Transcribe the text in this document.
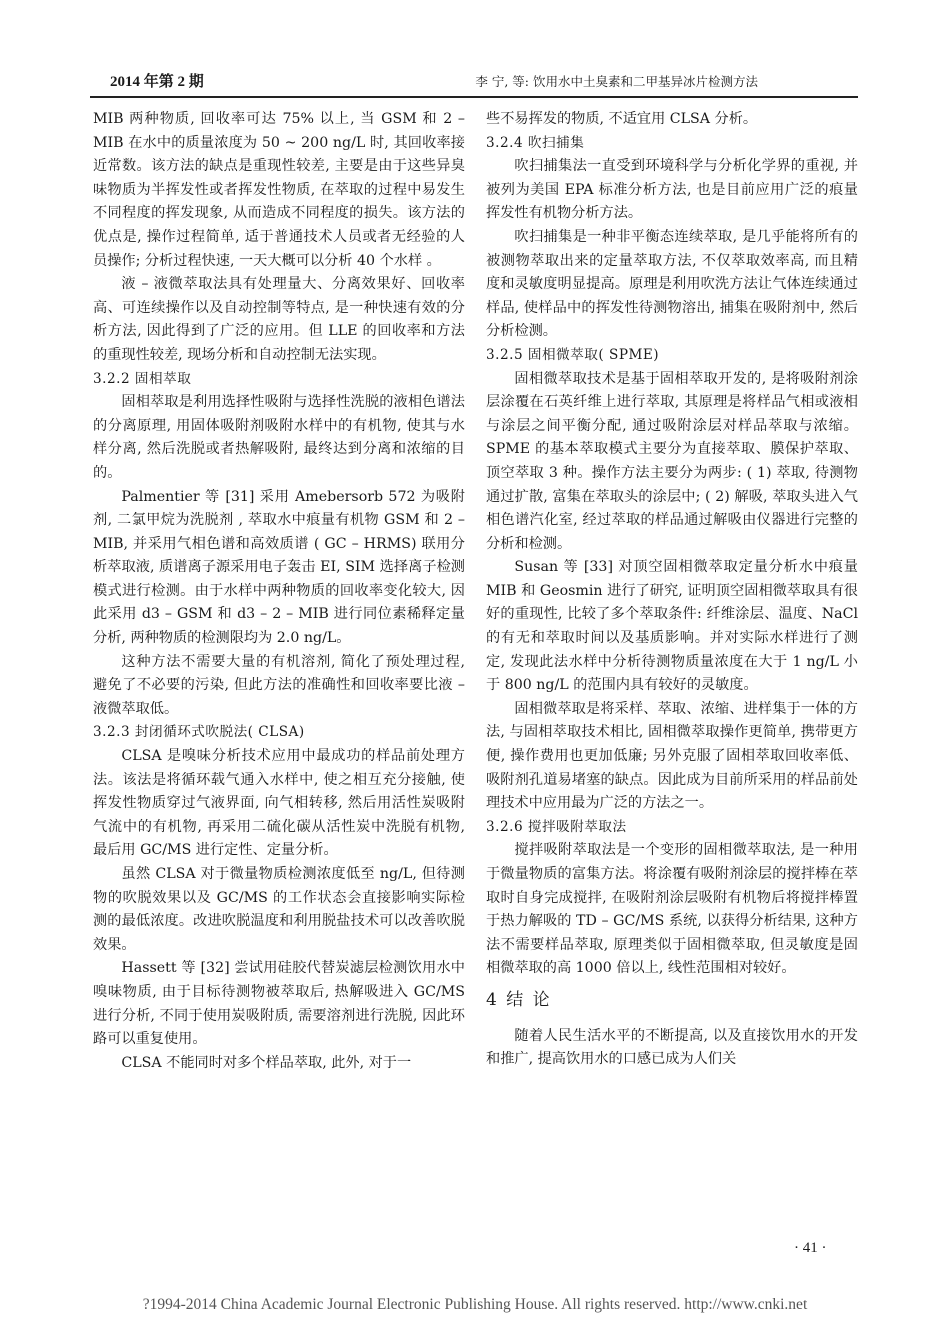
2014 年第 2 期	李 宁, 等: 饮用水中土臭素和二甲基异冰片检测方法

MIB 两种物质, 回收率可达 75% 以上, 当 GSM 和 2 – MIB 在水中的质量浓度为 50 ~ 200 ng/L 时, 其回收率接近常数。该方法的缺点是重现性较差, 主要是由于这些异臭味物质为半挥发性或者挥发性物质, 在萃取的过程中易发生不同程度的挥发现象, 从而造成不同程度的损失。该方法的优点是, 操作过程简单, 适于普通技术人员或者无经验的人员操作; 分析过程快速, 一天大概可以分析 40 个水样 。

液 – 液微萃取法具有处理量大、分离效果好、回收率高、可连续操作以及自动控制等特点, 是一种快速有效的分析方法, 因此得到了广泛的应用。但 LLE 的回收率和方法的重现性较差, 现场分析和自动控制无法实现。

3.2.2 固相萃取

固相萃取是利用选择性吸附与选择性洗脱的液相色谱法的分离原理, 用固体吸附剂吸附水样中的有机物, 使其与水样分离, 然后洗脱或者热解吸附, 最终达到分离和浓缩的目的。

Palmentier 等 [31] 采用 Amebersorb 572 为吸附剂, 二氯甲烷为洗脱剂 , 萃取水中痕量有机物 GSM 和 2 – MIB, 并采用气相色谱和高效质谱 ( GC – HRMS) 联用分析萃取液, 质谱离子源采用电子轰击 EI, SIM 选择离子检测模式进行检测。由于水样中两种物质的回收率变化较大, 因此采用 d3 – GSM 和 d3 – 2 – MIB 进行同位素稀释定量分析, 两种物质的检测限均为 2.0 ng/L。

这种方法不需要大量的有机溶剂, 简化了预处理过程, 避免了不必要的污染, 但此方法的准确性和回收率要比液 – 液微萃取低。

3.2.3 封闭循环式吹脱法( CLSA)

CLSA 是嗅味分析技术应用中最成功的样品前处理方法。该法是将循环载气通入水样中, 使之相互充分接触, 使挥发性物质穿过气液界面, 向气相转移, 然后用活性炭吸附气流中的有机物, 再采用二硫化碳从活性炭中洗脱有机物, 最后用 GC/MS 进行定性、定量分析。

虽然 CLSA 对于微量物质检测浓度低至 ng/L, 但待测物的吹脱效果以及 GC/MS 的工作状态会直接影响实际检测的最低浓度。改进吹脱温度和利用脱盐技术可以改善吹脱效果。

Hassett 等 [32] 尝试用硅胶代替炭滤层检测饮用水中嗅味物质, 由于目标待测物被萃取后, 热解吸进入 GC/MS 进行分析, 不同于使用炭吸附质, 需要溶剂进行洗脱, 因此环路可以重复使用。

CLSA 不能同时对多个样品萃取, 此外, 对于一

些不易挥发的物质, 不适宜用 CLSA 分析。

3.2.4 吹扫捕集

吹扫捕集法一直受到环境科学与分析化学界的重视, 并被列为美国 EPA 标准分析方法, 也是目前应用广泛的痕量挥发性有机物分析方法。

吹扫捕集是一种非平衡态连续萃取, 是几乎能将所有的被测物萃取出来的定量萃取方法, 不仅萃取效率高, 而且精度和灵敏度明显提高。原理是利用吹洗方法让气体连续通过样品, 使样品中的挥发性待测物溶出, 捕集在吸附剂中, 然后分析检测。

3.2.5 固相微萃取( SPME)

固相微萃取技术是基于固相萃取开发的, 是将吸附剂涂层涂覆在石英纤维上进行萃取, 其原理是将样品气相或液相与涂层之间平衡分配, 通过吸附涂层对样品萃取与浓缩。SPME 的基本萃取模式主要分为直接萃取、膜保护萃取、顶空萃取 3 种。操作方法主要分为两步: ( 1) 萃取, 待测物通过扩散, 富集在萃取头的涂层中; ( 2) 解吸, 萃取头进入气相色谱汽化室, 经过萃取的样品通过解吸由仪器进行完整的分析和检测。

Susan 等 [33] 对顶空固相微萃取定量分析水中痕量 MIB 和 Geosmin 进行了研究, 证明顶空固相微萃取具有很好的重现性, 比较了多个萃取条件: 纤维涂层、温度、NaCl 的有无和萃取时间以及基质影响。并对实际水样进行了测定, 发现此法水样中分析待测物质量浓度在大于 1 ng/L 小于 800 ng/L 的范围内具有较好的灵敏度。

固相微萃取是将采样、萃取、浓缩、进样集于一体的方法, 与固相萃取技术相比, 固相微萃取操作更简单, 携带更方便, 操作费用也更加低廉; 另外克服了固相萃取回收率低、吸附剂孔道易堵塞的缺点。因此成为目前所采用的样品前处理技术中应用最为广泛的方法之一。

3.2.6 搅拌吸附萃取法

搅拌吸附萃取法是一个变形的固相微萃取法, 是一种用于微量物质的富集方法。将涂覆有吸附剂涂层的搅拌棒在萃取时自身完成搅拌, 在吸附剂涂层吸附有机物后将搅拌棒置于热力解吸的 TD – GC/MS 系统, 以获得分析结果, 这种方法不需要样品萃取, 原理类似于固相微萃取, 但灵敏度是固相微萃取的高 1000 倍以上, 线性范围相对较好。

4 结 论

随着人民生活水平的不断提高, 以及直接饮用水的开发和推广, 提高饮用水的口感已成为人们关

· 41 ·
?1994-2014 China Academic Journal Electronic Publishing House. All rights reserved. http://www.cnki.net
